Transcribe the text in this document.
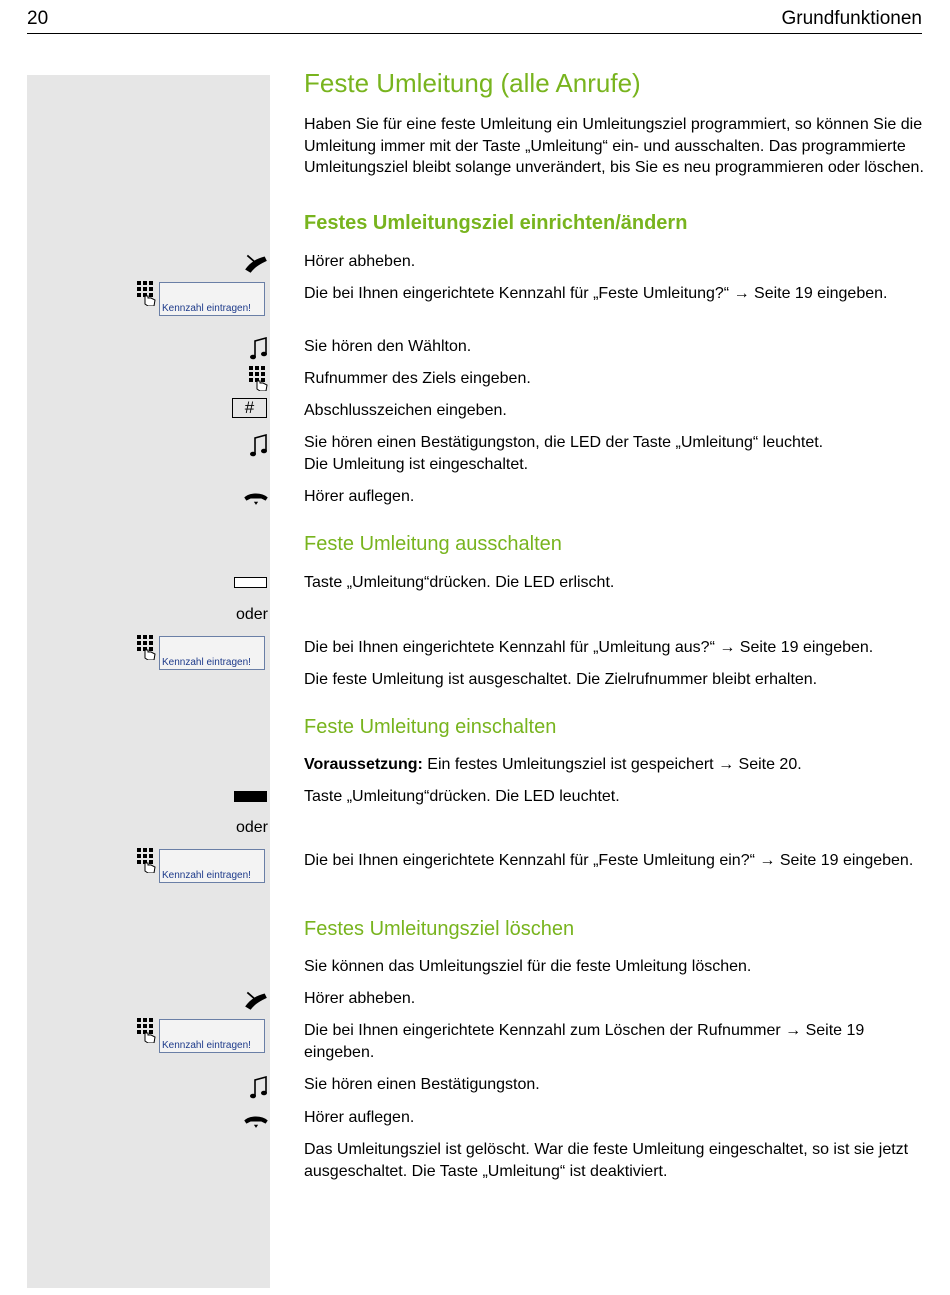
20	Grundfunktionen
Feste Umleitung (alle Anrufe)

Haben Sie für eine feste Umleitung ein Umleitungsziel programmiert, so können Sie die Umleitung immer mit der Taste „Umleitung“ ein- und ausschalten. Das programmierte Umleitungsziel bleibt solange unverändert, bis Sie es neu programmieren oder löschen.

Festes Umleitungsziel einrichten/ändern

Hörer abheben.

Kennzahl eintragen!

Die bei Ihnen eingerichtete Kennzahl für „Feste Umleitung?“ → Seite 19 eingeben.

Sie hören den Wählton.

Rufnummer des Ziels eingeben.

#	Abschlusszeichen eingeben.

Sie hören einen Bestätigungston, die LED der Taste „Umleitung“ leuchtet.

Die Umleitung ist eingeschaltet.

Hörer auflegen.

Feste Umleitung ausschalten

Taste „Umleitung“drücken. Die LED erlischt.

oder
Kennzahl eintragen!

Die bei Ihnen eingerichtete Kennzahl für „Umleitung aus?“ → Seite 19 eingeben.

Die feste Umleitung ist ausgeschaltet. Die Zielrufnummer bleibt erhalten.

Feste Umleitung einschalten

Voraussetzung: Ein festes Umleitungsziel ist gespeichert → Seite 20.

Taste „Umleitung“drücken. Die LED leuchtet.

oder
Kennzahl eintragen!

Die bei Ihnen eingerichtete Kennzahl für „Feste Umleitung ein?“ → Seite 19 eingeben.

Festes Umleitungsziel löschen

Sie können das Umleitungsziel für die feste Umleitung löschen.

Hörer abheben.

Kennzahl eintragen!

Die bei Ihnen eingerichtete Kennzahl zum Löschen der Rufnummer → Seite 19 eingeben.

Sie hören einen Bestätigungston.

Hörer auflegen.

Das Umleitungsziel ist gelöscht. War die feste Umleitung eingeschaltet, so ist sie jetzt ausgeschaltet. Die Taste „Umleitung“ ist deaktiviert.
